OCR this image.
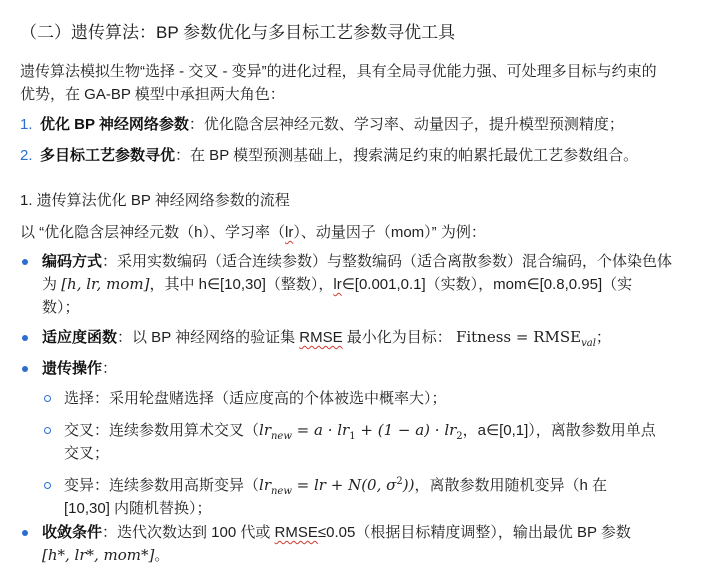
（二）遗传算法：BP 参数优化与多目标工艺参数寻优工具
遗传算法模拟生物“选择 - 交叉 - 变异”的进化过程，具有全局寻优能力强、可处理多目标与约束的
优势，在 GA-BP 模型中承担两大角色：
1. 优化 BP 神经网络参数 ：优化隐含层神经元数、学习率、动量因子，提升模型预测精度；
2. 多目标工艺参数寻优 ：在 BP 模型预测基础上，搜索满足约束的帕累托最优工艺参数组合。
1. 遗传算法优化 BP 神经网络参数的流程
以 “优化隐含层神经元数（h）、学习率（lr）、动量因子（mom）” 为例：
编码方式：采用实数编码（适合连续参数）与整数编码（适合离散参数）混合编码，个体染色体
为 [h, lr, mom]，其中 h∈[10,30]（整数），lr∈[0.001,0.1]（实数），mom∈[0.8,0.95]（实
数）；
适应度函数：以 BP 神经网络的验证集 RMSE 最小化为目标： Fitness = $RMSE_{val}$；
遗传操作：
选择：采用轮盘赌选择（适应度高的个体被选中概率大）；
交叉：连续参数用算术交叉（$lr_{new} = a \cdot lr_1 + (1 - a) \cdot lr_2$，a∈[0,1]），离散参数用单点
交叉；
变异：连续参数用高斯变异（$lr_{new}$ = lr + N(0, $\sigma^2$))，离散参数用随机变异（h 在
[10,30] 内随机替换）；
收敛条件：迭代次数达到 100 代或 RMSE≤0.05（根据目标精度调整），输出最优 BP 参数
[h*, lr*, mom*]。
